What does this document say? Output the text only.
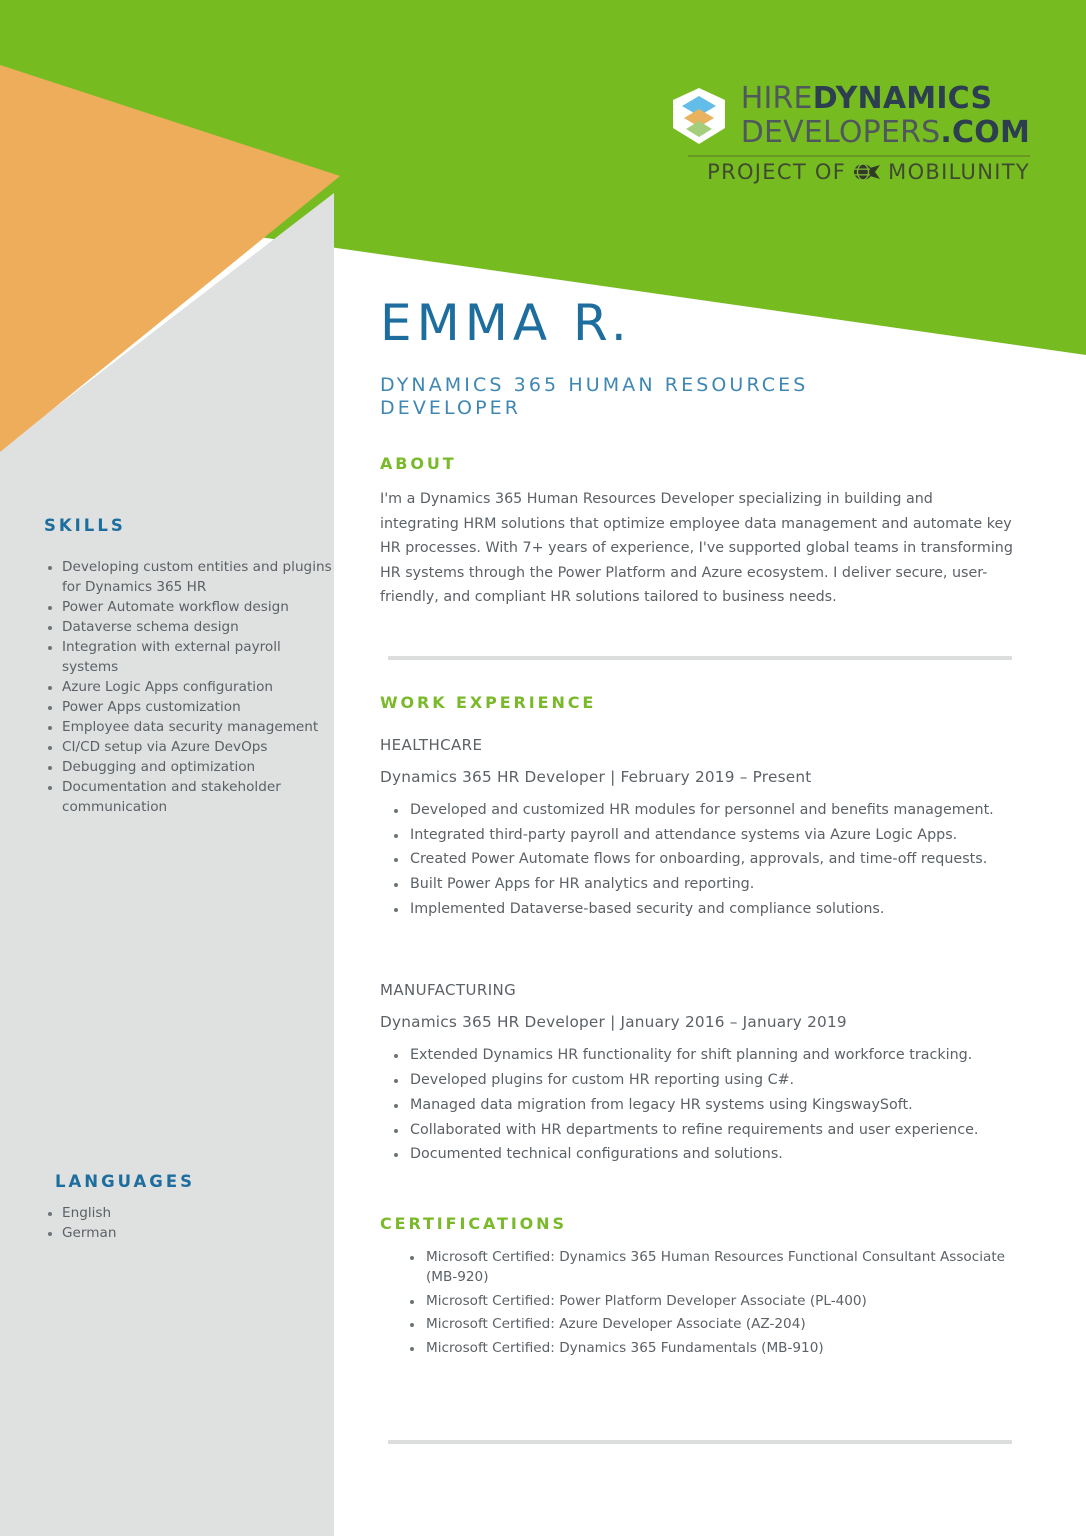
HIREDYNAMICS
DEVELOPERS.COM
PROJECT OF MOBILUNITY
SKILLS
Developing custom entities and plugins for Dynamics 365 HR
Power Automate workflow design
Dataverse schema design
Integration with external payroll systems
Azure Logic Apps configuration
Power Apps customization
Employee data security management
CI/CD setup via Azure DevOps
Debugging and optimization
Documentation and stakeholder communication
LANGUAGES
English
German
EMMA R.
DYNAMICS 365 HUMAN RESOURCES DEVELOPER
ABOUT

I'm a Dynamics 365 Human Resources Developer specializing in building and integrating HRM solutions that optimize employee data management and automate key HR processes. With 7+ years of experience, I've supported global teams in transforming HR systems through the Power Platform and Azure ecosystem. I deliver secure, user-friendly, and compliant HR solutions tailored to business needs.

WORK EXPERIENCE

HEALTHCARE

Dynamics 365 HR Developer | February 2019 – Present

Developed and customized HR modules for personnel and benefits management.
Integrated third-party payroll and attendance systems via Azure Logic Apps.
Created Power Automate flows for onboarding, approvals, and time-off requests.
Built Power Apps for HR analytics and reporting.
Implemented Dataverse-based security and compliance solutions.

MANUFACTURING

Dynamics 365 HR Developer | January 2016 – January 2019

Extended Dynamics HR functionality for shift planning and workforce tracking.
Developed plugins for custom HR reporting using C#.
Managed data migration from legacy HR systems using KingswaySoft.
Collaborated with HR departments to refine requirements and user experience.
Documented technical configurations and solutions.
CERTIFICATIONS
Microsoft Certified: Dynamics 365 Human Resources Functional Consultant Associate (MB-920)
Microsoft Certified: Power Platform Developer Associate (PL-400)
Microsoft Certified: Azure Developer Associate (AZ-204)
Microsoft Certified: Dynamics 365 Fundamentals (MB-910)
